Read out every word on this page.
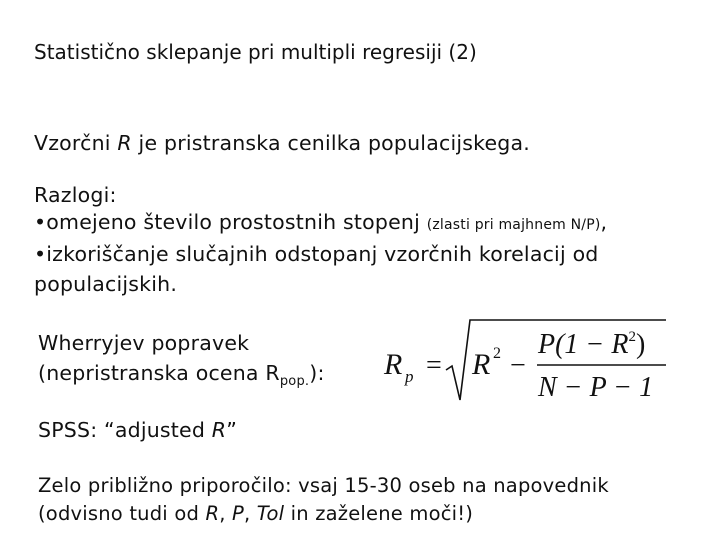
Statistično sklepanje pri multipli regresiji (2)
Vzorčni R je pristranska cenilka populacijskega.
Razlogi:
•omejeno število prostostnih stopenj (zlasti pri majhnem N/P),
•izkoriščanje slučajnih odstopanj vzorčnih korelacij od
populacijskih.
Wherryjev popravek
(nepristranska ocena $R_{pop.}$): R p = R 2 −
$P(1 - R^2)$
N − P − 1
SPSS: “adjusted R”
Zelo približno priporočilo: vsaj 15-30 oseb na napovednik
(odvisno tudi od R, P, Tol in zaželene moči!)
